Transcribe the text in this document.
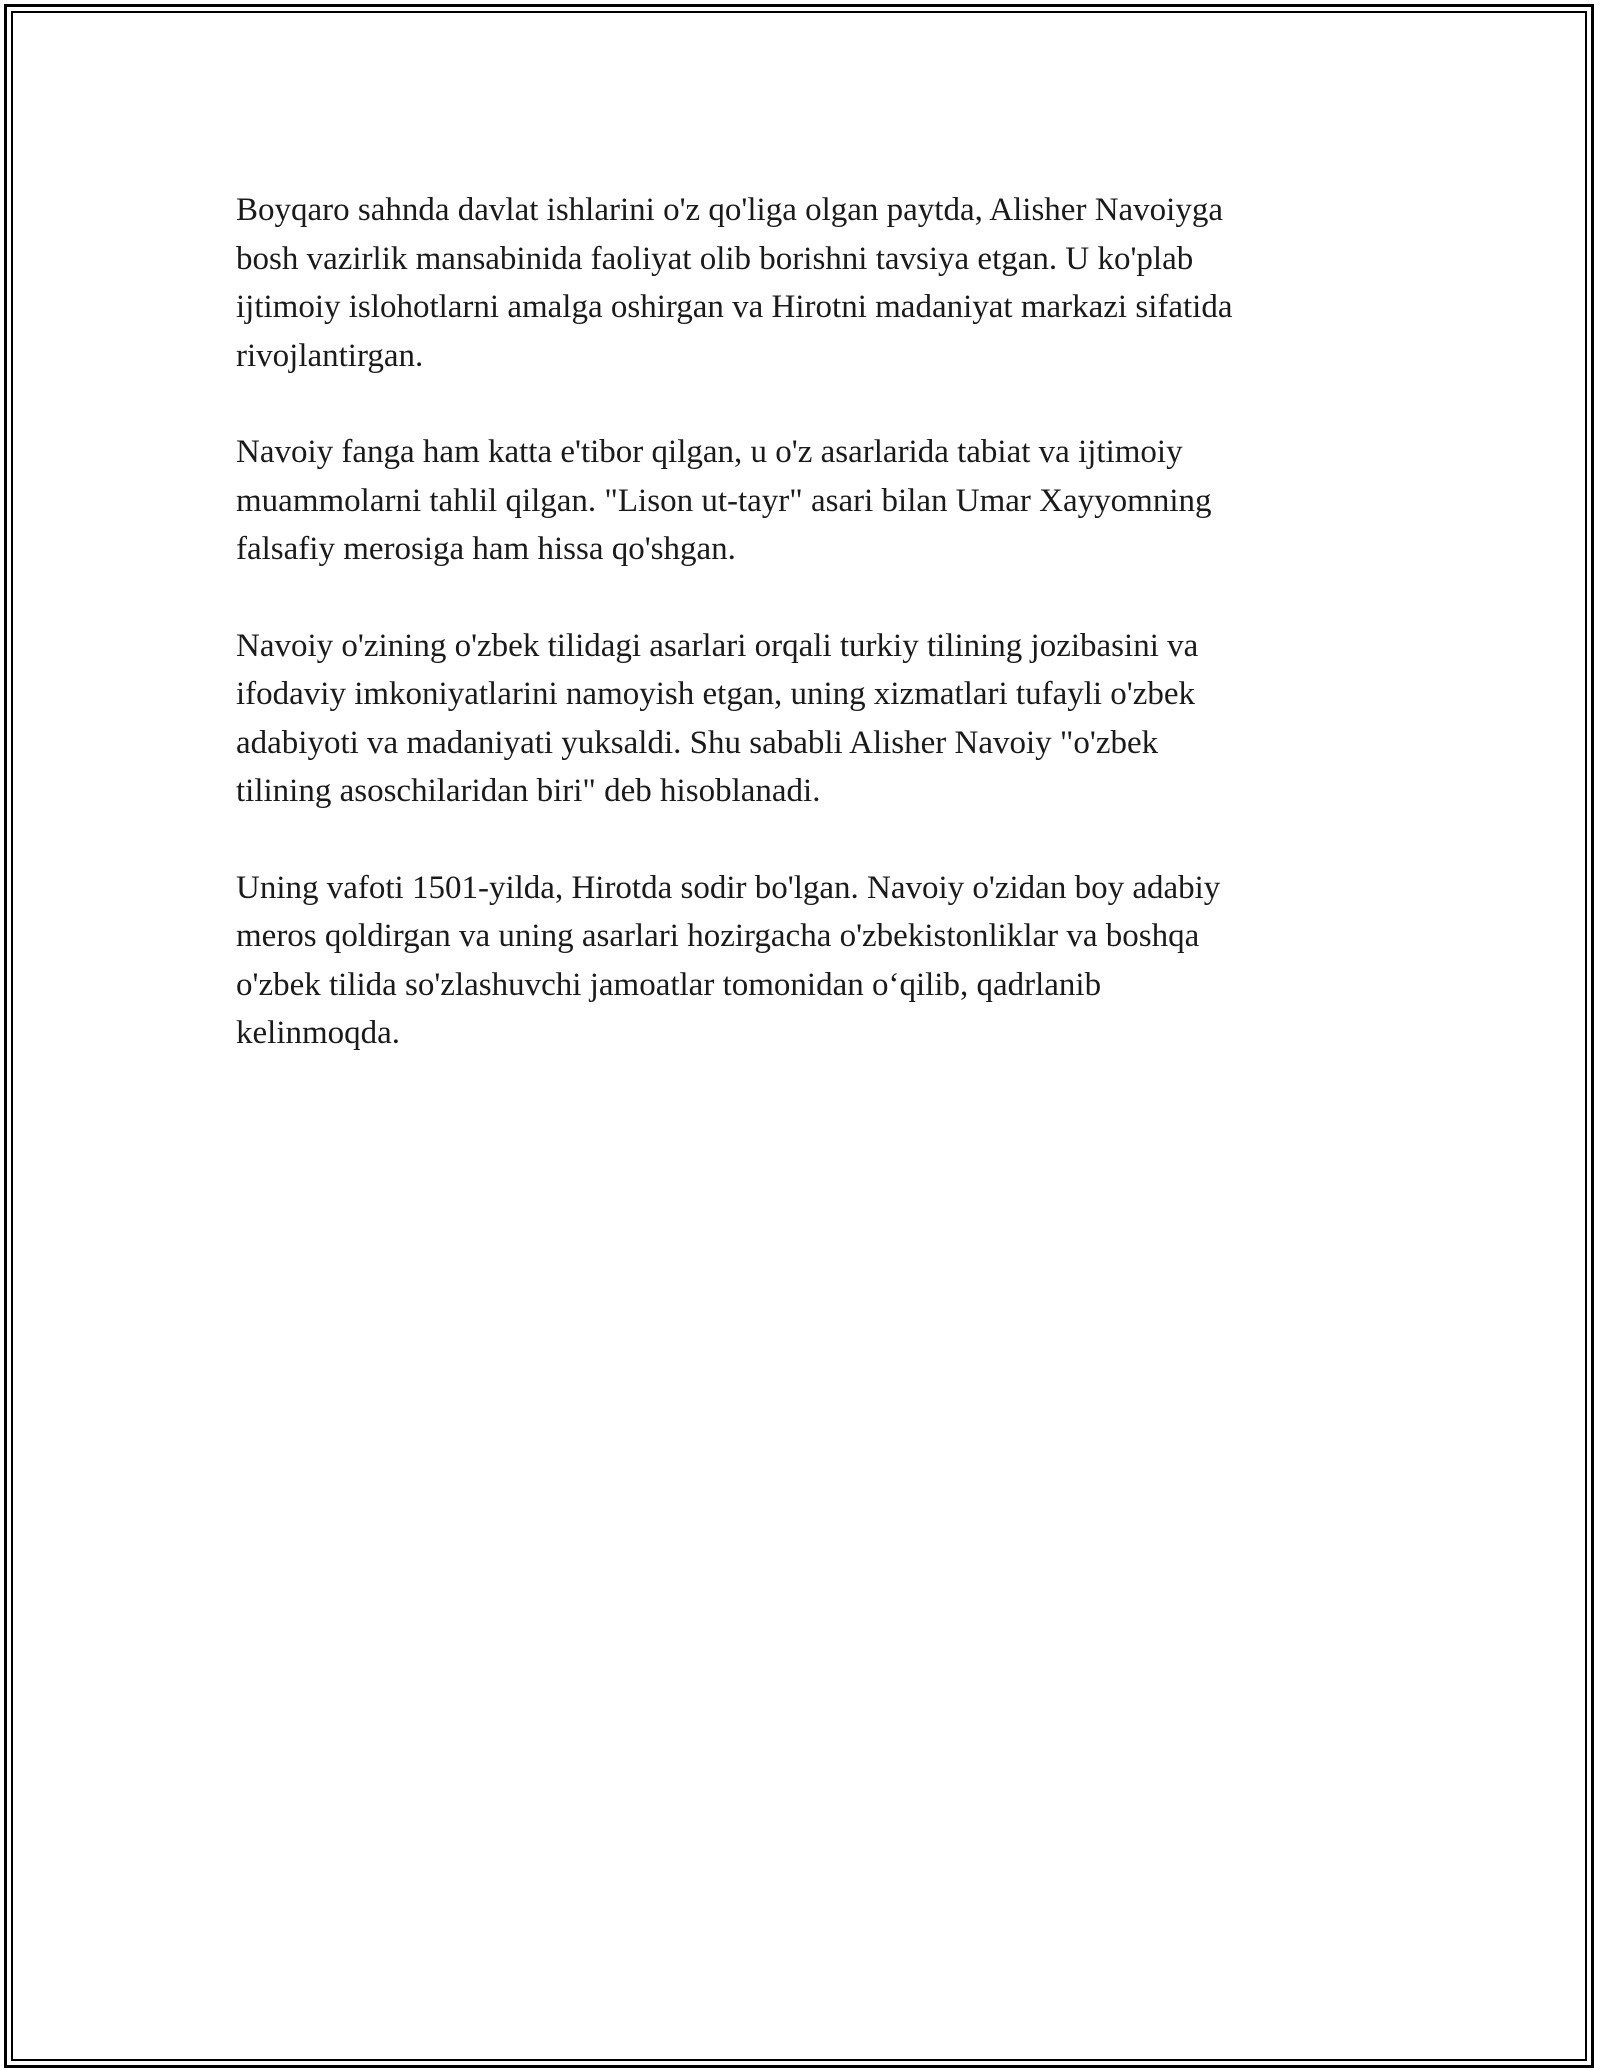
Boyqaro sahnda davlat ishlarini o'z qo'liga olgan paytda, Alisher Navoiyga
bosh vazirlik mansabinida faoliyat olib borishni tavsiya etgan. U ko'plab
ijtimoiy islohotlarni amalga oshirgan va Hirotni madaniyat markazi sifatida
rivojlantirgan.

Navoiy fanga ham katta e'tibor qilgan, u o'z asarlarida tabiat va ijtimoiy
muammolarni tahlil qilgan. "Lison ut-tayr" asari bilan Umar Xayyomning
falsafiy merosiga ham hissa qo'shgan.

Navoiy o'zining o'zbek tilidagi asarlari orqali turkiy tilining jozibasini va
ifodaviy imkoniyatlarini namoyish etgan, uning xizmatlari tufayli o'zbek
adabiyoti va madaniyati yuksaldi. Shu sababli Alisher Navoiy "o'zbek
tilining asoschilaridan biri" deb hisoblanadi.

Uning vafoti 1501-yilda, Hirotda sodir bo'lgan. Navoiy o'zidan boy adabiy
meros qoldirgan va uning asarlari hozirgacha o'zbekistonliklar va boshqa
o'zbek tilida so'zlashuvchi jamoatlar tomonidan o‘qilib, qadrlanib
kelinmoqda.
